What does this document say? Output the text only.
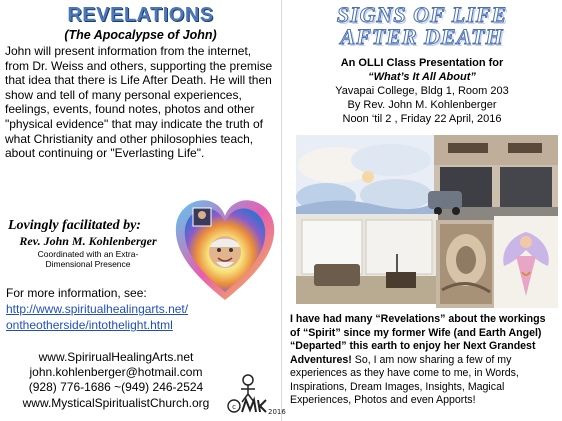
REVELATIONS
(The Apocalypse of John)
John will present information from the internet, from Dr. Weiss and others, supporting the premise that idea that there is Life After Death. He will then show and tell of many personal experiences, feelings, events, found notes, photos and other "physical evidence" that may indicate the truth of what Christianity and other philosophies teach, about continuing or "Everlasting Life".
Lovingly facilitated by:
Rev. John M. Kohlenberger
Coordinated with an Extra-
Dimensional Presence
For more information, see:
http://www.spiritualhealingarts.net/
ontheotherside/intothelight.html
www.SpirirualHealingArts.net
john.kohlenberger@hotmail.com
(928) 776-1686 ~(949) 246-2524
www.MysticalSpiritualistChurch.org	c
2016
SIGNS OF LIFE
AFTER DEATH
An OLLI Class Presentation for
“What’s It All About”
Yavapai College, Bldg 1, Room 203
By Rev. John M. Kohlenberger
Noon ‘til 2 , Friday 22 April, 2016
I have had many “Revelations” about the workings of “Spirit” since my former Wife (and Earth Angel) “Departed” this earth to enjoy her Next Grandest Adventures! So, I am now sharing a few of my experiences as they have come to me, in Words, Inspirations, Dream Images, Insights, Magical Experiences, Photos and even Apports!
